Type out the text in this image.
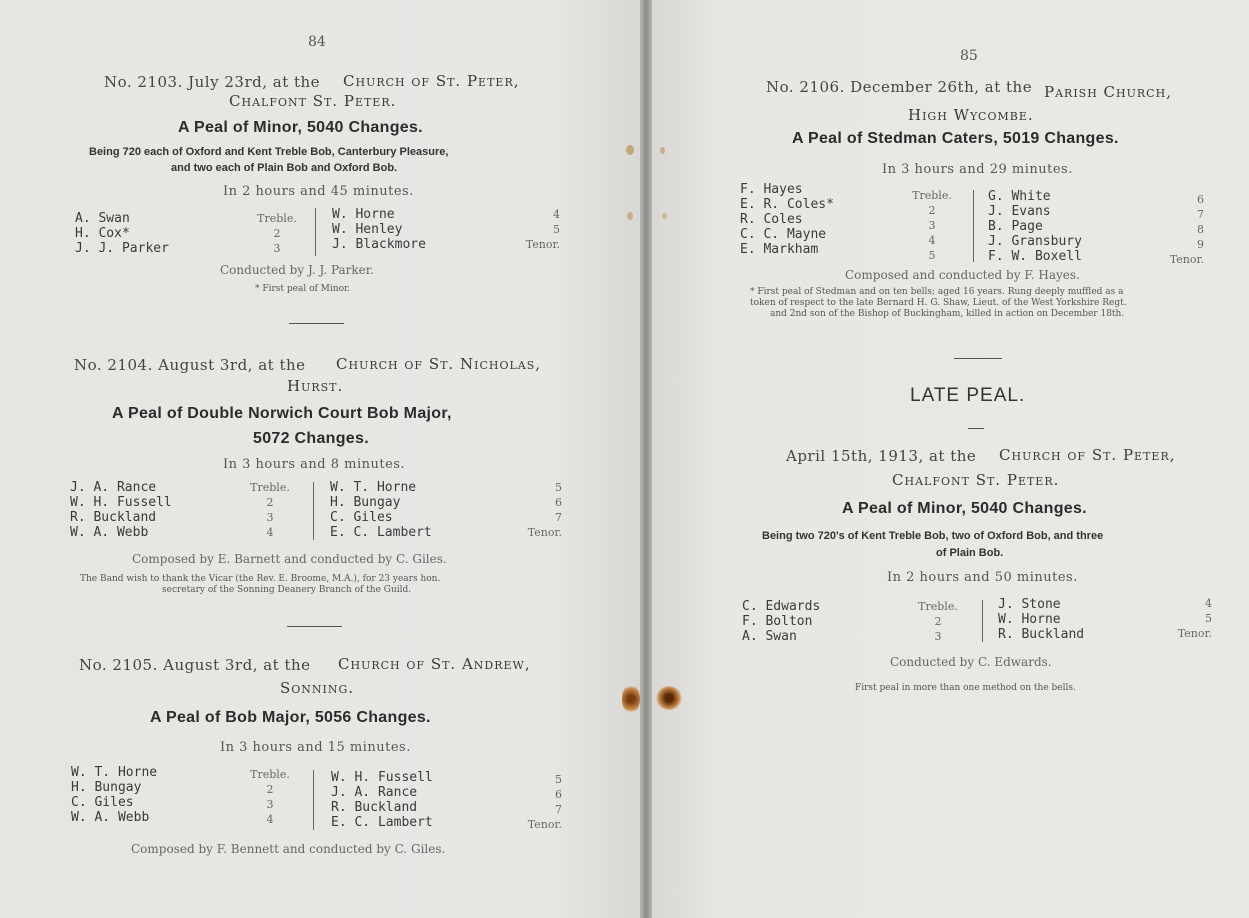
84
No. 2103. July 23rd, at the Church of St. Peter,
Chalfont St. Peter.
A Peal of Minor, 5040 Changes.
Being 720 each of Oxford and Kent Treble Bob, Canterbury Pleasure,
and two each of Plain Bob and Oxford Bob.
In 2 hours and 45 minutes.
A. Swan
H. Cox*
J. J. Parker
Treble.
2
3
W. Horne
W. Henley
J. Blackmore
4
5
Tenor.
Conducted by J. J. Parker.
* First peal of Minor.
No. 2104. August 3rd, at the Church of St. Nicholas,
Hurst.
A Peal of Double Norwich Court Bob Major,
5072 Changes.
In 3 hours and 8 minutes.
J. A. Rance
W. H. Fussell
R. Buckland
W. A. Webb
Treble.
2
3
4
W. T. Horne
H. Bungay
C. Giles
E. C. Lambert
5
6
7
Tenor.
Composed by E. Barnett and conducted by C. Giles.
The Band wish to thank the Vicar (the Rev. E. Broome, M.A.), for 23 years hon.
secretary of the Sonning Deanery Branch of the Guild.
No. 2105. August 3rd, at the Church of St. Andrew,
Sonning.
A Peal of Bob Major, 5056 Changes.
In 3 hours and 15 minutes.
W. T. Horne
H. Bungay
C. Giles
W. A. Webb
Treble.
2
3
4
W. H. Fussell
J. A. Rance
R. Buckland
E. C. Lambert
5
6
7
Tenor.
Composed by F. Bennett and conducted by C. Giles.
85
No. 2106. December 26th, at the Parish Church,
High Wycombe.
A Peal of Stedman Caters, 5019 Changes.
In 3 hours and 29 minutes.
F. Hayes
E. R. Coles*
R. Coles
C. C. Mayne
E. Markham
Treble.
2
3
4
5
G. White
J. Evans
B. Page
J. Gransbury
F. W. Boxell
6
7
8
9
Tenor.
Composed and conducted by F. Hayes.
* First peal of Stedman and on ten bells; aged 16 years. Rung deeply muffled as a
token of respect to the late Bernard H. G. Shaw, Lieut. of the West Yorkshire Regt.
and 2nd son of the Bishop of Buckingham, killed in action on December 18th.
LATE PEAL.
April 15th, 1913, at the Church of St. Peter,
Chalfont St. Peter.
A Peal of Minor, 5040 Changes.
Being two 720's of Kent Treble Bob, two of Oxford Bob, and three
of Plain Bob.
In 2 hours and 50 minutes.
C. Edwards
F. Bolton
A. Swan
Treble.
2
3
J. Stone
W. Horne
R. Buckland
4
5
Tenor.
Conducted by C. Edwards.
First peal in more than one method on the bells.
